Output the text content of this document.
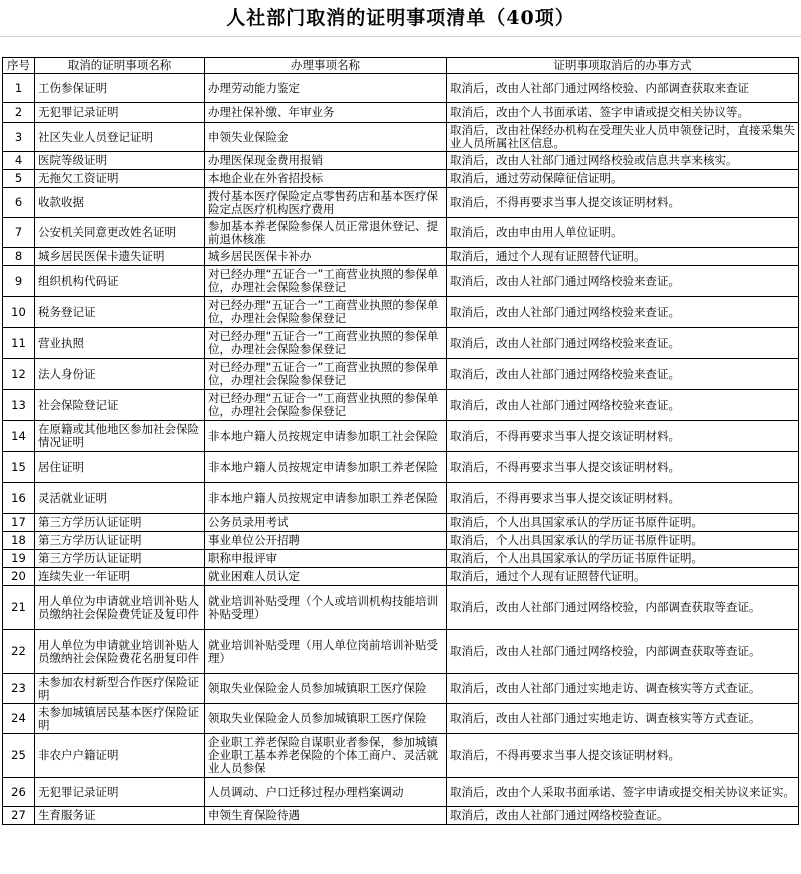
人社部门取消的证明事项清单（40项）
序号	取消的证明事项名称	办理事项名称	证明事项取消后的办事方式
1	工伤参保证明	办理劳动能力鉴定	取消后，改由人社部门通过网络校验、内部调查获取来查证
2	无犯罪记录证明	办理社保补缴、年审业务	取消后，改由个人书面承诺、签字申请或提交相关协议等。
3	社区失业人员登记证明	申领失业保险金	取消后，改由社保经办机构在受理失业人员申领登记时，直接采集失业人员所属社区信息。
4	医院等级证明	办理医保现金费用报销	取消后，改由人社部门通过网络校验或信息共享来核实。
5	无拖欠工资证明	本地企业在外省招投标	取消后，通过劳动保障征信证明。
6	收款收据	拨付基本医疗保险定点零售药店和基本医疗保险定点医疗机构医疗费用	取消后，不得再要求当事人提交该证明材料。
7	公安机关同意更改姓名证明	参加基本养老保险参保人员正常退休登记、提前退休核准	取消后，改由申由用人单位证明。
8	城乡居民医保卡遗失证明	城乡居民医保卡补办	取消后，通过个人现有证照替代证明。
9	组织机构代码证	对已经办理“五证合一”工商营业执照的参保单位，办理社会保险参保登记	取消后，改由人社部门通过网络校验来查证。
10	税务登记证	对已经办理“五证合一”工商营业执照的参保单位，办理社会保险参保登记	取消后，改由人社部门通过网络校验来查证。
11	营业执照	对已经办理“五证合一”工商营业执照的参保单位，办理社会保险参保登记	取消后，改由人社部门通过网络校验来查证。
12	法人身份证	对已经办理“五证合一”工商营业执照的参保单位，办理社会保险参保登记	取消后，改由人社部门通过网络校验来查证。
13	社会保险登记证	对已经办理“五证合一”工商营业执照的参保单位，办理社会保险参保登记	取消后，改由人社部门通过网络校验来查证。
14	在原籍或其他地区参加社会保险情况证明	非本地户籍人员按规定申请参加职工社会保险	取消后，不得再要求当事人提交该证明材料。
15	居住证明	非本地户籍人员按规定申请参加职工养老保险	取消后，不得再要求当事人提交该证明材料。
16	灵活就业证明	非本地户籍人员按规定申请参加职工养老保险	取消后，不得再要求当事人提交该证明材料。
17	第三方学历认证证明	公务员录用考试	取消后，个人出具国家承认的学历证书原件证明。
18	第三方学历认证证明	事业单位公开招聘	取消后，个人出具国家承认的学历证书原件证明。
19	第三方学历认证证明	职称申报评审	取消后，个人出具国家承认的学历证书原件证明。
20	连续失业一年证明	就业困难人员认定	取消后，通过个人现有证照替代证明。
21	用人单位为申请就业培训补贴人员缴纳社会保险费凭证及复印件	就业培训补贴受理（个人或培训机构技能培训补贴受理）	取消后，改由人社部门通过网络校验，内部调查获取等查证。
22	用人单位为申请就业培训补贴人员缴纳社会保险费花名册复印件	就业培训补贴受理（用人单位岗前培训补贴受理）	取消后，改由人社部门通过网络校验，内部调查获取等查证。
23	未参加农村新型合作医疗保险证明	领取失业保险金人员参加城镇职工医疗保险	取消后，改由人社部门通过实地走访、调查核实等方式查证。
24	未参加城镇居民基本医疗保险证明	领取失业保险金人员参加城镇职工医疗保险	取消后，改由人社部门通过实地走访、调查核实等方式查证。
25	非农户户籍证明	企业职工养老保险自谋职业者参保，参加城镇企业职工基本养老保险的个体工商户、灵活就业人员参保	取消后，不得再要求当事人提交该证明材料。
26	无犯罪记录证明	人员调动、户口迁移过程办理档案调动	取消后，改由个人采取书面承诺、签字申请或提交相关协议来证实。
27	生育服务证	申领生育保险待遇	取消后，改由人社部门通过网络校验查证。
